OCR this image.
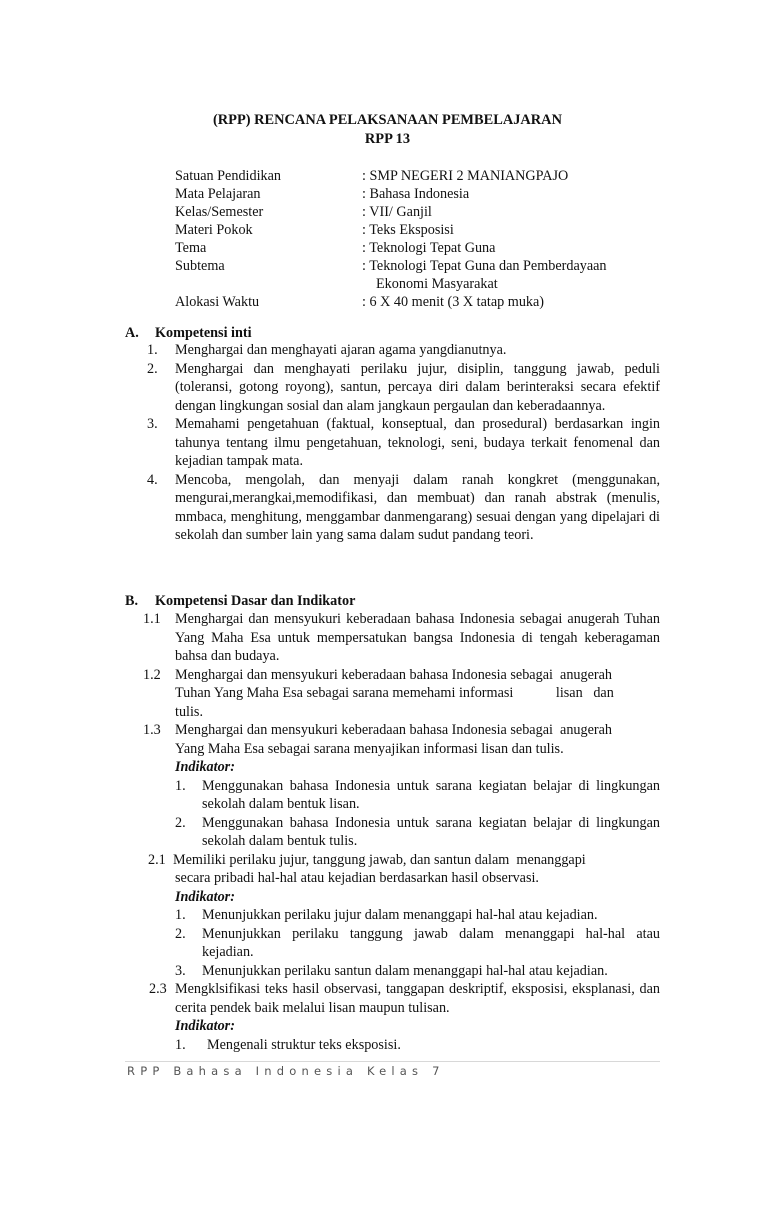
(RPP) RENCANA PELAKSANAAN PEMBELAJARAN
RPP 13
Satuan Pendidikan	: SMP NEGERI 2 MANIANGPAJO
Mata Pelajaran	: Bahasa Indonesia
Kelas/Semester	: VII/ Ganjil
Materi Pokok	: Teks Eksposisi
Tema	: Teknologi Tepat Guna
Subtema	: Teknologi Tepat Guna dan Pemberdayaan
Ekonomi Masyarakat
Alokasi Waktu	: 6 X 40 menit (3 X tatap muka)
A. Kompetensi inti
1.	Menghargai dan menghayati ajaran agama yangdianutnya.
2.	Menghargai dan menghayati perilaku jujur, disiplin, tanggung jawab, peduli (toleransi, gotong royong), santun, percaya diri dalam berinteraksi secara efektif dengan lingkungan sosial dan alam jangkaun pergaulan dan keberadaannya.
3.	Memahami pengetahuan (faktual, konseptual, dan prosedural) berdasarkan ingin tahunya tentang ilmu pengetahuan, teknologi, seni, budaya terkait fenomenal dan kejadian tampak mata.
4.	Mencoba, mengolah, dan menyaji dalam ranah kongkret (menggunakan, mengurai,merangkai,memodifikasi, dan membuat) dan ranah abstrak (menulis, mmbaca, menghitung, menggambar danmengarang) sesuai dengan yang dipelajari di sekolah dan sumber lain yang sama dalam sudut pandang teori.
B. Kompetensi Dasar dan Indikator
1.1	Menghargai dan mensyukuri keberadaan bahasa Indonesia sebagai anugerah Tuhan Yang Maha Esa untuk mempersatukan bangsa Indonesia di tengah keberagaman bahsa dan budaya.
1.2	Menghargai dan mensyukuri keberadaan bahasa Indonesia sebagai  anugerah
Tuhan Yang Maha Esa sebagai sarana memehami informasi            lisan   dan
tulis.
1.3	Menghargai dan mensyukuri keberadaan bahasa Indonesia sebagai  anugerah
Yang Maha Esa sebagai sarana menyajikan informasi lisan dan tulis.
Indikator:
1.	Menggunakan bahasa Indonesia untuk sarana kegiatan belajar di lingkungan sekolah dalam bentuk lisan.
2.	Menggunakan bahasa Indonesia untuk sarana kegiatan belajar di lingkungan sekolah dalam bentuk tulis.
2.1 Memiliki perilaku jujur, tanggung jawab, dan santun dalam  menanggapi
secara pribadi hal-hal atau kejadian berdasarkan hasil observasi.
Indikator:
1.	Menunjukkan perilaku jujur dalam menanggapi hal-hal atau kejadian.
2.	Menunjukkan perilaku tanggung jawab dalam menanggapi hal-hal atau kejadian.
3.	Menunjukkan perilaku santun dalam menanggapi hal-hal atau kejadian.
2.3 Mengklsifikasi teks hasil observasi, tanggapan deskriptif, eksposisi, eksplanasi, dan cerita pendek baik melalui lisan maupun tulisan.
Indikator:
1.	Mengenali struktur teks eksposisi.
RPP Bahasa Indonesia Kelas 7
